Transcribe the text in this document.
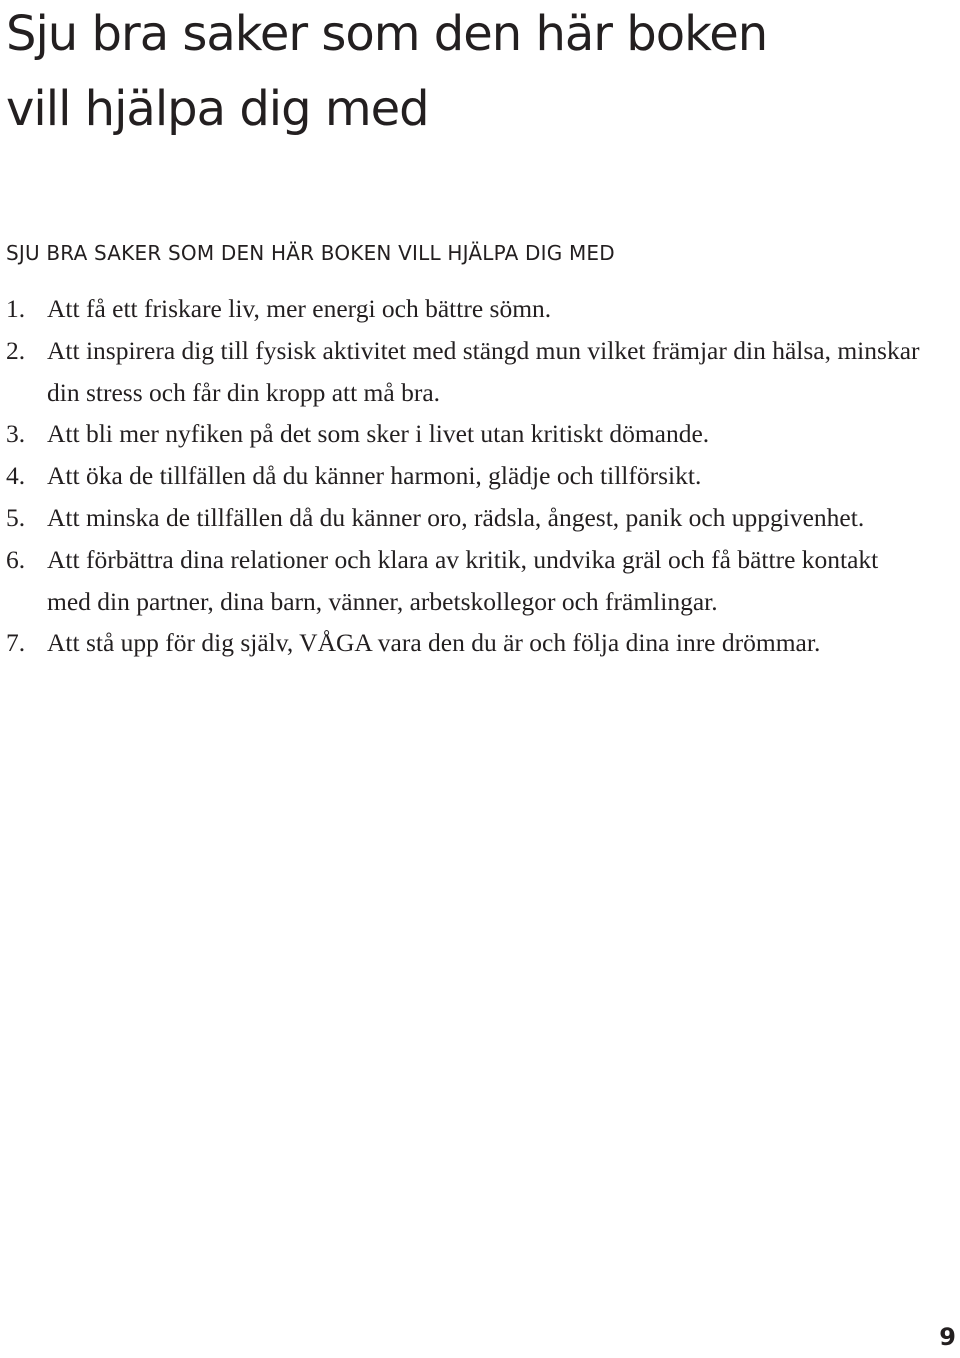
Sju bra saker som den här boken
vill hjälpa dig med
SJU BRA SAKER SOM DEN HÄR BOKEN VILL HJÄLPA DIG MED
1. Att få ett friskare liv, mer energi och bättre sömn.
2. Att inspirera dig till fysisk aktivitet med stängd mun vilket främjar din hälsa, minskar din stress och får din kropp att må bra.
3. Att bli mer nyfiken på det som sker i livet utan kritiskt dömande.
4. Att öka de tillfällen då du känner harmoni, glädje och tillförsikt.
5. Att minska de tillfällen då du känner oro, rädsla, ångest, panik och uppgivenhet.
6. Att förbättra dina relationer och klara av kritik, undvika gräl och få bättre kontakt med din partner, dina barn, vänner, arbetskollegor och främlingar.
7. Att stå upp för dig själv, VÅGA vara den du är och följa dina inre drömmar.
9
